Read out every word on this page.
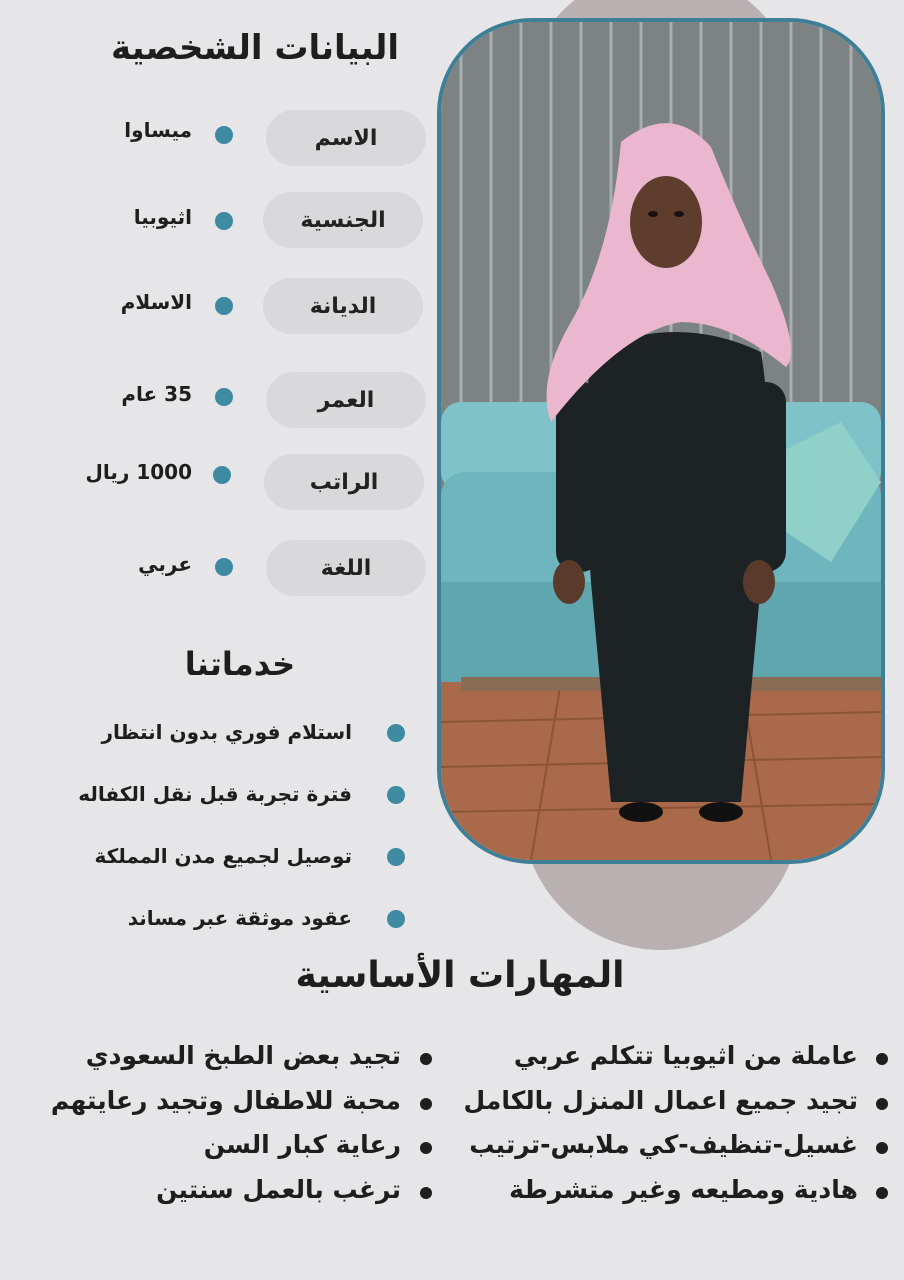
البيانات الشخصية
الاسم
ميساوا
الجنسية
اثيوبيا
الديانة
الاسلام
العمر
35 عام
الراتب
1000 ريال
اللغة
عربي
خدماتنا
استلام فوري بدون انتظار
فترة تجربة قبل نقل الكفاله
توصيل لجميع مدن المملكة
عقود موثقة عبر مساند
المهارات الأساسية
عاملة من اثيوبيا تتكلم عربي
تجيد جميع اعمال المنزل بالكامل
غسيل-تنظيف-كي ملابس-ترتيب
هادية ومطيعه وغير متشرطة
تجيد بعض الطبخ السعودي
محبة للاطفال وتجيد رعايتهم
رعاية كبار السن
ترغب بالعمل سنتين
